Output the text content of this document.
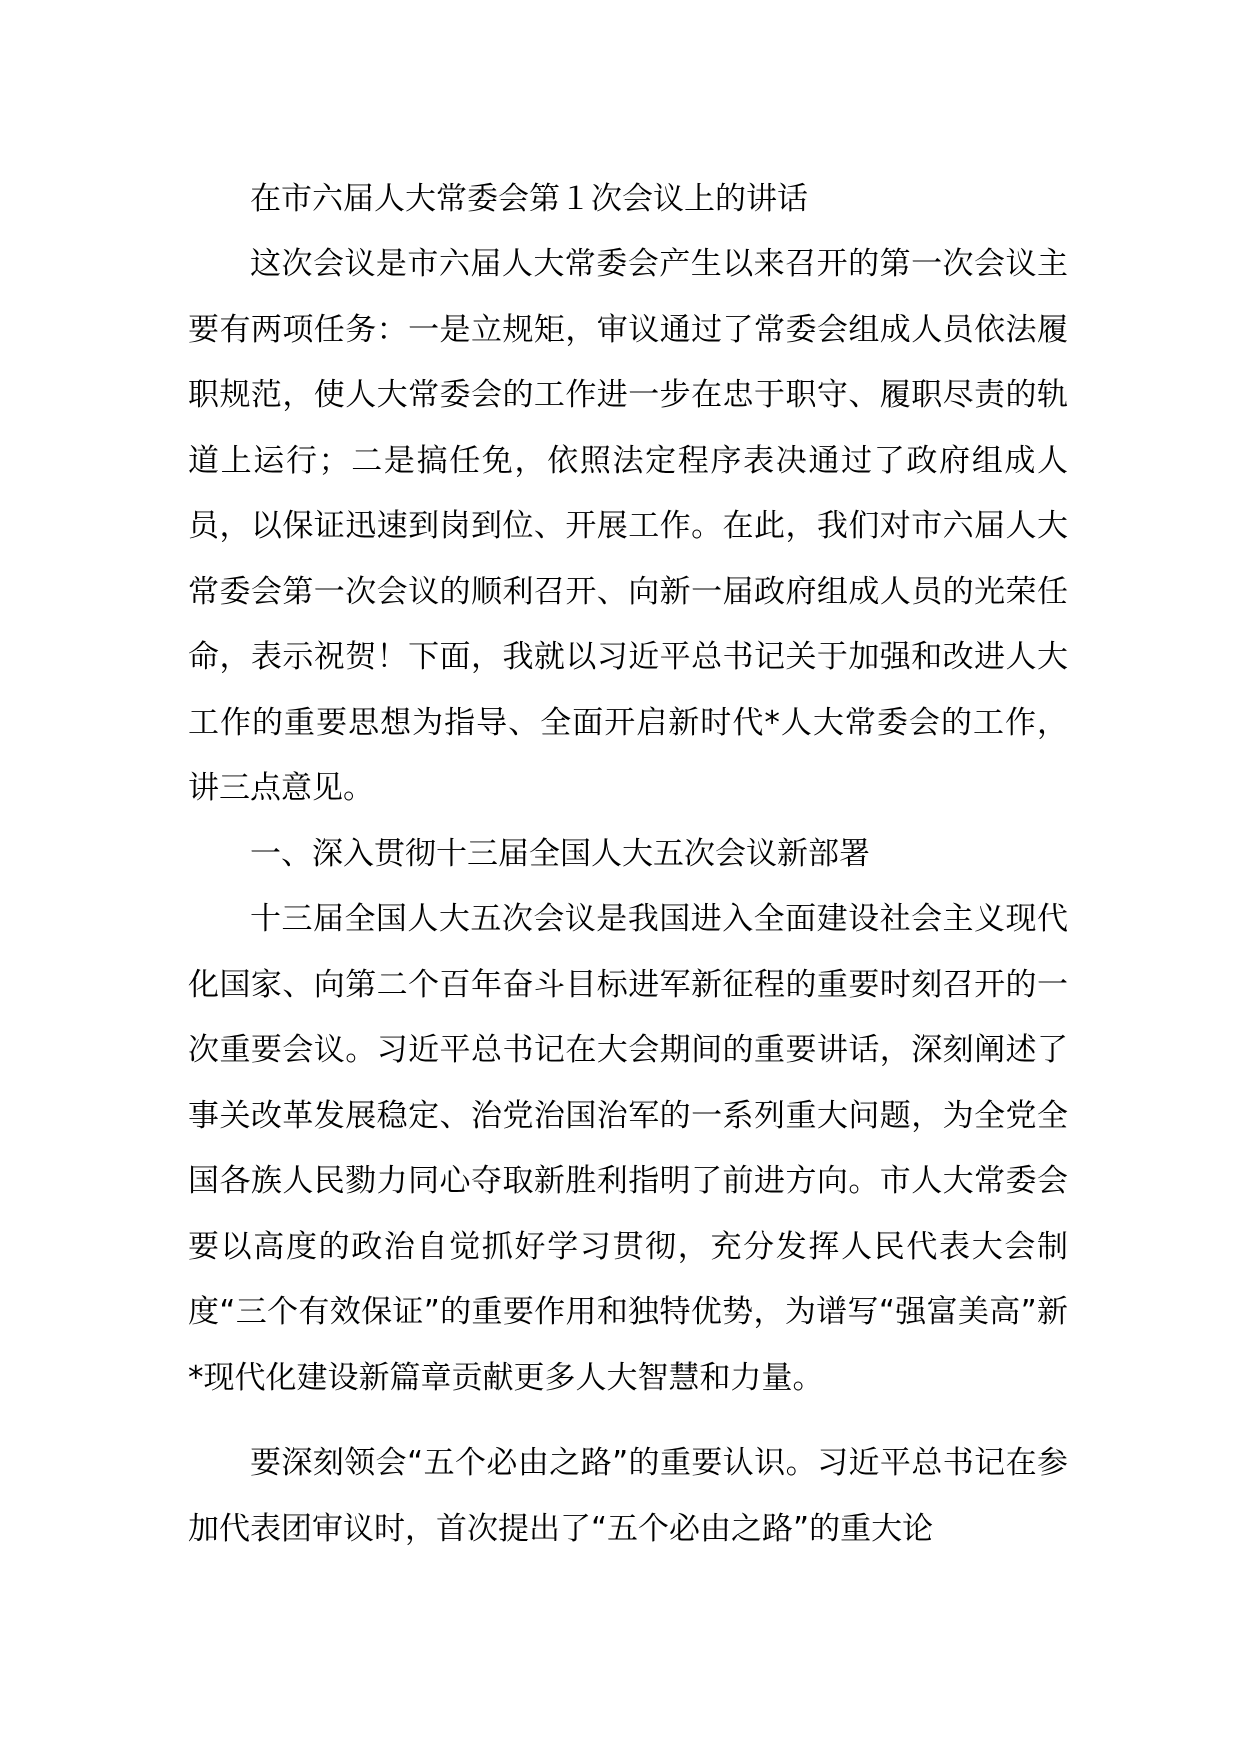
在市六届人大常委会第１次会议上的讲话

这次会议是市六届人大常委会产生以来召开的第一次会议主要有两项任务：一是立规矩，审议通过了常委会组成人员依法履职规范，使人大常委会的工作进一步在忠于职守、履职尽责的轨道上运行；二是搞任免，依照法定程序表决通过了政府组成人员，以保证迅速到岗到位、开展工作。在此，我们对市六届人大常委会第一次会议的顺利召开、向新一届政府组成人员的光荣任命，表示祝贺！下面，我就以习近平总书记关于加强和改进人大工作的重要思想为指导、全面开启新时代*人大常委会的工作，讲三点意见。

一、深入贯彻十三届全国人大五次会议新部署

十三届全国人大五次会议是我国进入全面建设社会主义现代化国家、向第二个百年奋斗目标进军新征程的重要时刻召开的一次重要会议。习近平总书记在大会期间的重要讲话，深刻阐述了事关改革发展稳定、治党治国治军的一系列重大问题，为全党全国各族人民勠力同心夺取新胜利指明了前进方向。市人大常委会要以高度的政治自觉抓好学习贯彻，充分发挥人民代表大会制度“三个有效保证”的重要作用和独特优势，为谱写“强富美高”新*现代化建设新篇章贡献更多人大智慧和力量。

要深刻领会“五个必由之路”的重要认识。习近平总书记在参加代表团审议时，首次提出了“五个必由之路”的重大论
